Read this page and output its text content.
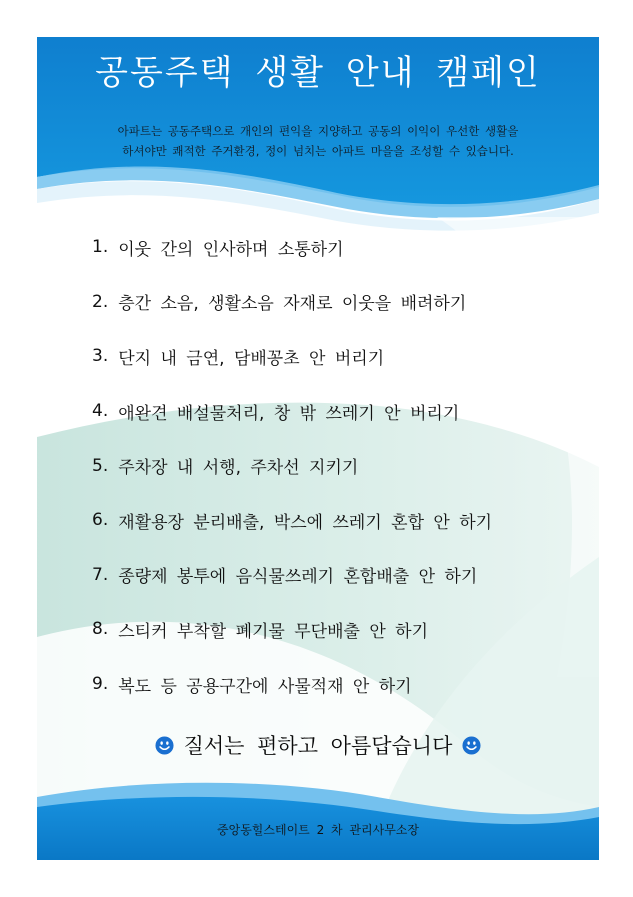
공동주택 생활 안내 캠페인
아파트는 공동주택으로 개인의 편익을 지양하고 공동의 이익이 우선한 생활을
하셔야만 쾌적한 주거환경, 정이 넘치는 아파트 마을을 조성할 수 있습니다.
1. 이웃 간의 인사하며 소통하기
2. 층간 소음, 생활소음 자재로 이웃을 배려하기
3. 단지 내 금연, 담배꽁초 안 버리기
4. 애완견 배설물처리, 창 밖 쓰레기 안 버리기
5. 주차장 내 서행, 주차선 지키기
6. 재활용장 분리배출, 박스에 쓰레기 혼합 안 하기
7. 종량제 봉투에 음식물쓰레기 혼합배출 안 하기
8. 스티커 부착할 폐기물 무단배출 안 하기
9. 복도 등 공용구간에 사물적재 안 하기
질서는 편하고 아름답습니다
중앙동힐스테이트 2 차 관리사무소장
